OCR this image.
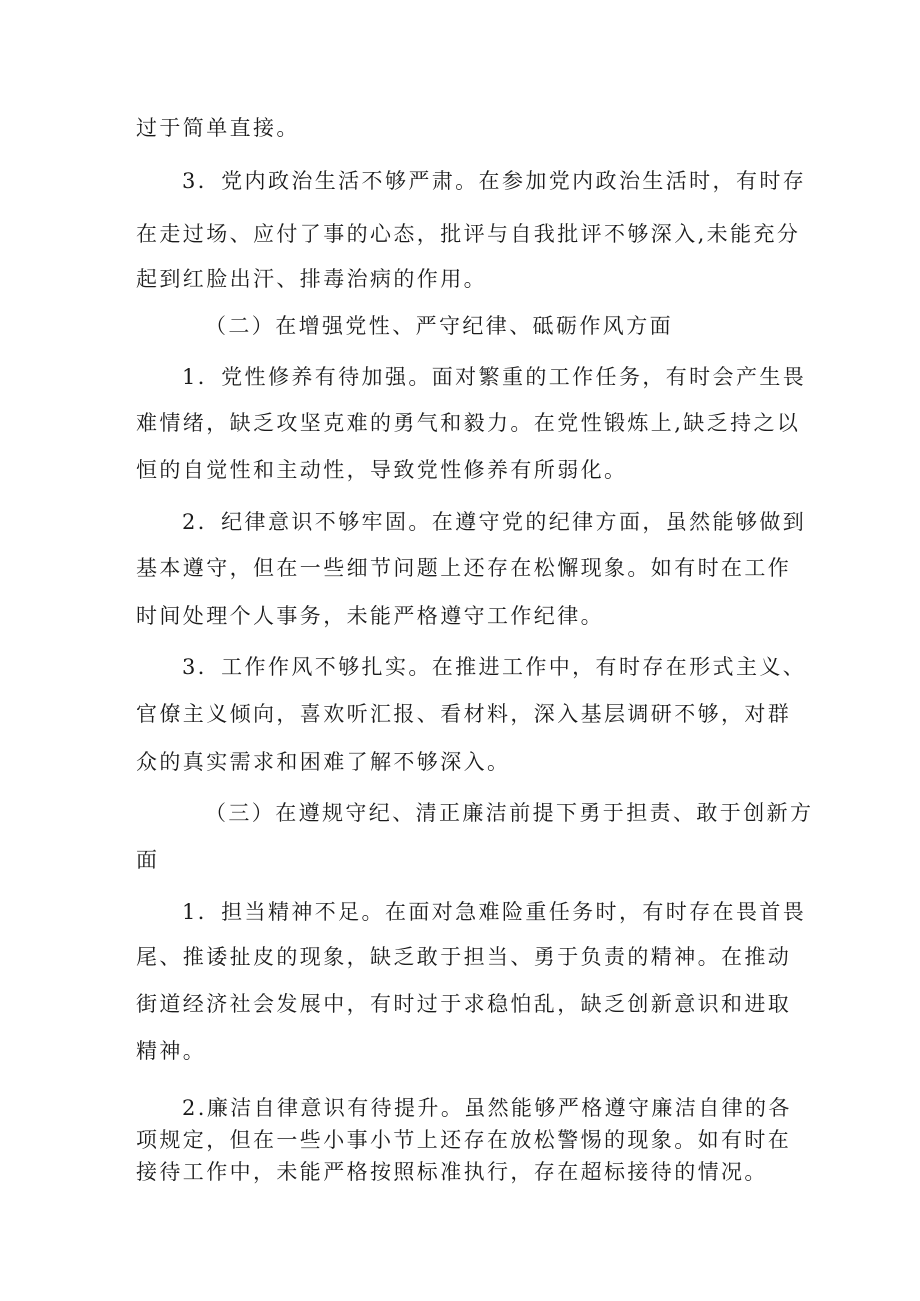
过于简单直接。
3．党内政治生活不够严肃。在参加党内政治生活时，有时存
在走过场、应付了事的心态，批评与自我批评不够深入,未能充分
起到红脸出汗、排毒治病的作用。
（二）在增强党性、严守纪律、砥砺作风方面
1．党性修养有待加强。面对繁重的工作任务，有时会产生畏
难情绪，缺乏攻坚克难的勇气和毅力。在党性锻炼上,缺乏持之以
恒的自觉性和主动性，导致党性修养有所弱化。
2．纪律意识不够牢固。在遵守党的纪律方面，虽然能够做到
基本遵守，但在一些细节问题上还存在松懈现象。如有时在工作
时间处理个人事务，未能严格遵守工作纪律。
3．工作作风不够扎实。在推进工作中，有时存在形式主义、
官僚主义倾向，喜欢听汇报、看材料，深入基层调研不够，对群
众的真实需求和困难了解不够深入。
（三）在遵规守纪、清正廉洁前提下勇于担责、敢于创新方
面
1．担当精神不足。在面对急难险重任务时，有时存在畏首畏
尾、推诿扯皮的现象，缺乏敢于担当、勇于负责的精神。在推动
街道经济社会发展中，有时过于求稳怕乱，缺乏创新意识和进取
精神。
2.廉洁自律意识有待提升。虽然能够严格遵守廉洁自律的各
项规定，但在一些小事小节上还存在放松警惕的现象。如有时在
接待工作中，未能严格按照标准执行，存在超标接待的情况。
